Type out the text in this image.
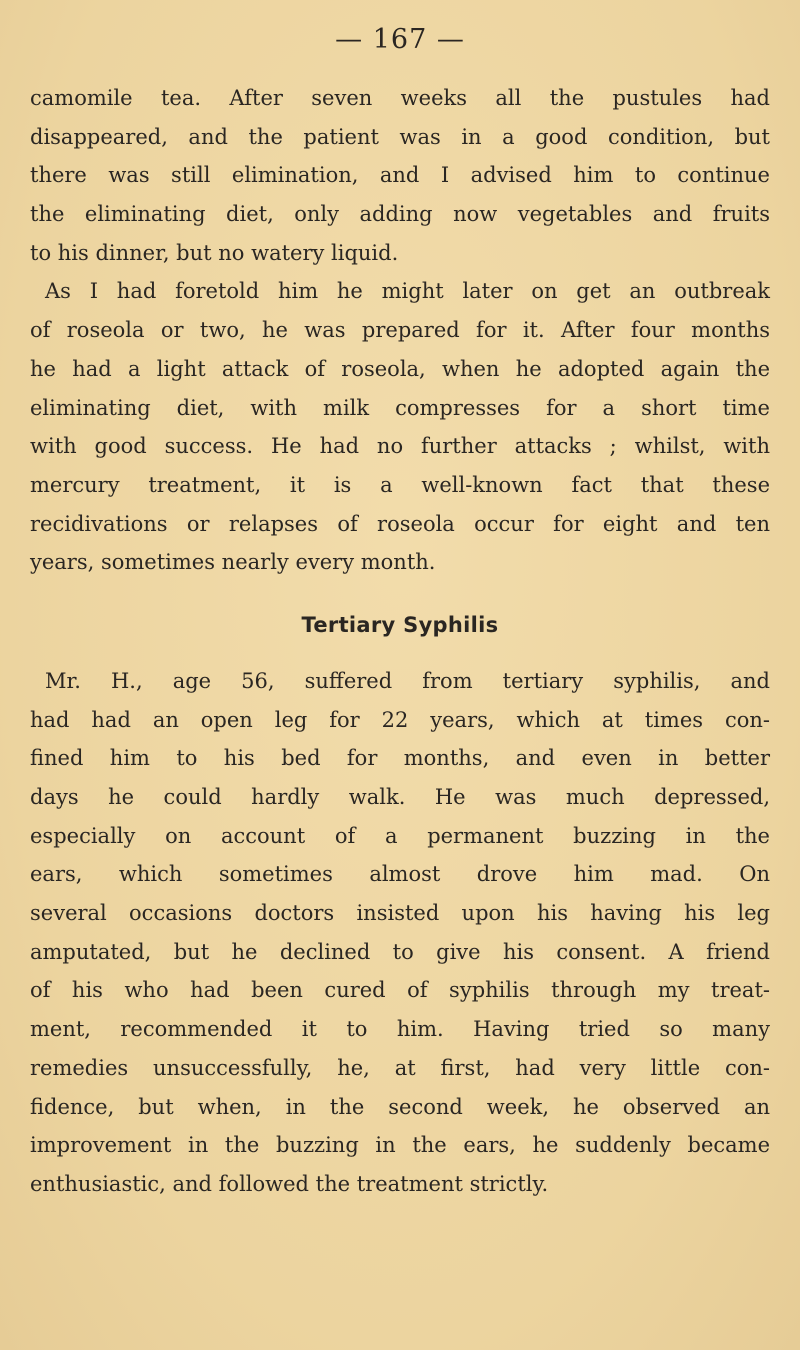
— 167 —
camomile tea. After seven weeks all the pustules had
disappeared, and the patient was in a good condition, but
there was still elimination, and I advised him to continue
the eliminating diet, only adding now vegetables and fruits
to his dinner, but no watery liquid.
As I had foretold him he might later on get an outbreak
of roseola or two, he was prepared for it. After four months
he had a light attack of roseola, when he adopted again the
eliminating diet, with milk compresses for a short time
with good success. He had no further attacks ; whilst, with
mercury treatment, it is a well-known fact that these
recidivations or relapses of roseola occur for eight and ten
years, sometimes nearly every month.
Tertiary Syphilis
Mr. H., age 56, suffered from tertiary syphilis, and
had had an open leg for 22 years, which at times con-
fined him to his bed for months, and even in better
days he could hardly walk. He was much depressed,
especially on account of a permanent buzzing in the
ears, which sometimes almost drove him mad. On
several occasions doctors insisted upon his having his leg
amputated, but he declined to give his consent. A friend
of his who had been cured of syphilis through my treat-
ment, recommended it to him. Having tried so many
remedies unsuccessfully, he, at first, had very little con-
fidence, but when, in the second week, he observed an
improvement in the buzzing in the ears, he suddenly became
enthusiastic, and followed the treatment strictly.
